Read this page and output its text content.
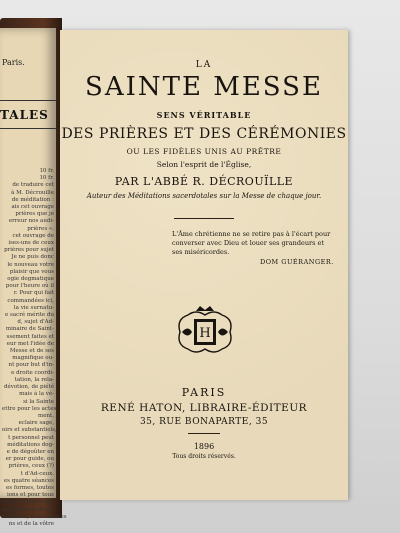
Paris.
TALES
10 fr.
10 fr.
de traduire cet
à M. Décrouille
de méditation :
ais cet ouvrage
prières que je
erreur nos audi-
prières «.
cet ouvrage de
ises-uns de ceux
prières pour sujet
Je ne puis donc
le nouveau votre
plaisir que vous
ogie dogmatique
pour l'heure où il
r. Pour qui fait
commandées ici,
la vie surnatu-
e sacré mérite du
d, sujet d'Ad-
minaire de Saint-
ssement faites et
eur met l'idée de
Messe et de ses
magnifique ou-
nt pour but d'in-
e droite coordi-
tation, la rela-
dévotion, de piété
mais à la vé-
si la Sainte
ettre pour les actes
ment.
eclaire sage,
oirs et substantiels,
t personnel peut
méditations dog-
e de dégoûter en
er pour guide, ou
prières, ceux (?)
t d'Ad-ceux.
es quatre séances
es formes, toutes
ions et pour tous
ie particulière des
nombreuses décla-
la Messe, et les mêmes
ns et de la vôtre
LA
SAINTE MESSE
SENS VÉRITABLE
DES PRIÈRES ET DES CÉRÉMONIES
OU LES FIDÈLES UNIS AU PRÊTRE
Selon l'esprit de l'Église,
PAR L'ABBÉ R. DÉCROUÏLLE
Auteur des Méditations sacerdotales sur la Messe de chaque jour.
L'Âme chrétienne ne se retire pas à l'écart pour converser avec Dieu et louer ses grandeurs et ses miséricordes.
DOM GUÉRANGER.
H
PARIS
RENÉ HATON, LIBRAIRE-ÉDITEUR
35, RUE BONAPARTE, 35
1896
Tous droits réservés.
